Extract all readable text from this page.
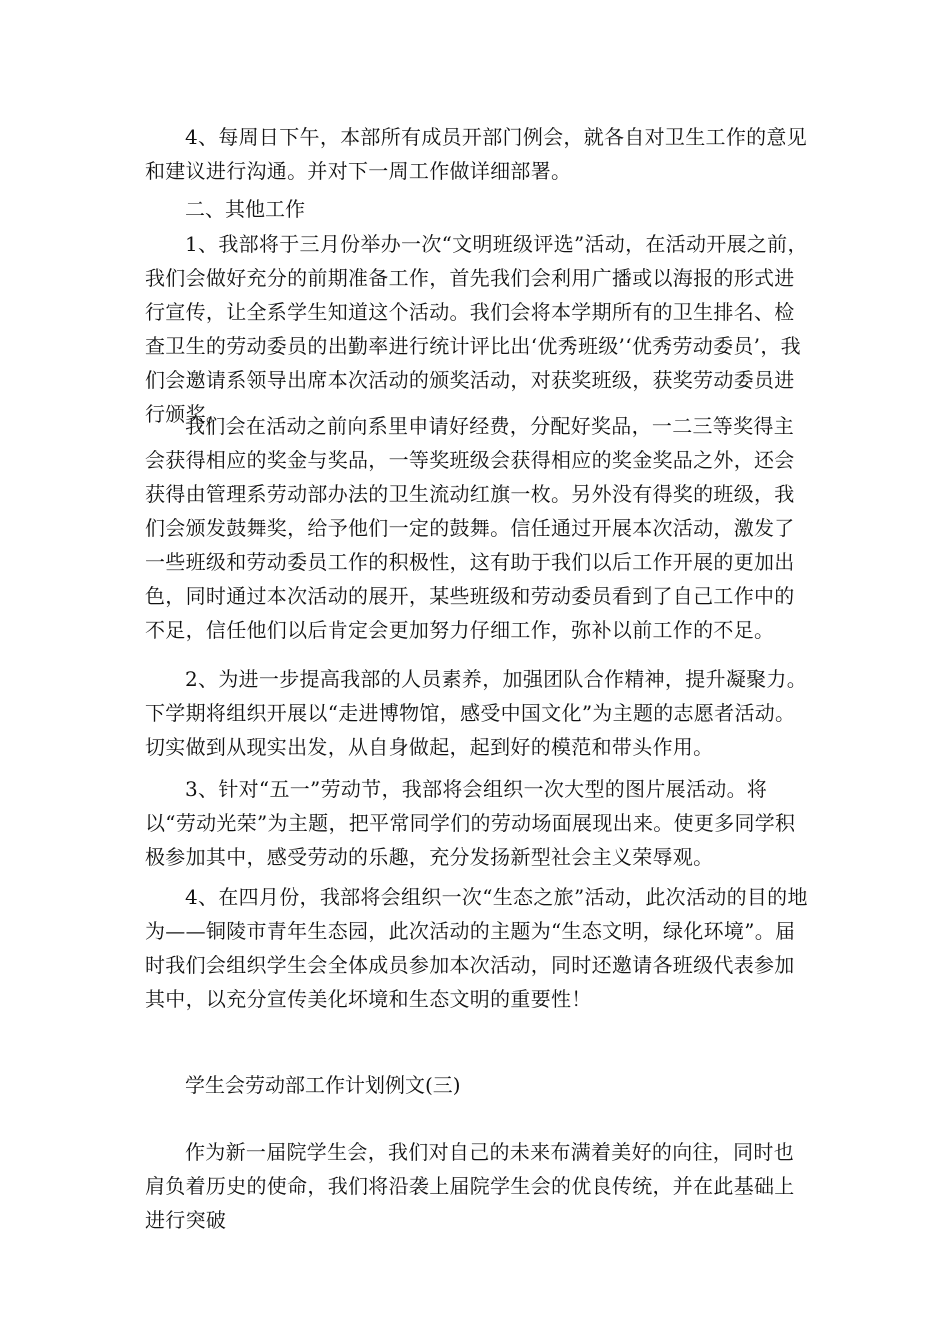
4、每周日下午，本部所有成员开部门例会，就各自对卫生工作的意见和建议进行沟通。并对下一周工作做详细部署。

二、其他工作

1、我部将于三月份举办一次“文明班级评选”活动，在活动开展之前，我们会做好充分的前期准备工作，首先我们会利用广播或以海报的形式进行宣传，让全系学生知道这个活动。我们会将本学期所有的卫生排名、检查卫生的劳动委员的出勤率进行统计评比出‘优秀班级’‘优秀劳动委员’，我们会邀请系领导出席本次活动的颁奖活动，对获奖班级，获奖劳动委员进行颁奖。

我们会在活动之前向系里申请好经费，分配好奖品，一二三等奖得主会获得相应的奖金与奖品，一等奖班级会获得相应的奖金奖品之外，还会获得由管理系劳动部办法的卫生流动红旗一枚。另外没有得奖的班级，我们会颁发鼓舞奖，给予他们一定的鼓舞。信任通过开展本次活动，激发了一些班级和劳动委员工作的积极性，这有助于我们以后工作开展的更加出色，同时通过本次活动的展开，某些班级和劳动委员看到了自己工作中的不足，信任他们以后肯定会更加努力仔细工作，弥补以前工作的不足。

2、为进一步提高我部的人员素养，加强团队合作精神，提升凝聚力。下学期将组织开展以“走进博物馆，感受中国文化”为主题的志愿者活动。切实做到从现实出发，从自身做起，起到好的模范和带头作用。

3、针对“五一”劳动节，我部将会组织一次大型的图片展活动。将以“劳动光荣”为主题，把平常同学们的劳动场面展现出来。使更多同学积极参加其中，感受劳动的乐趣，充分发扬新型社会主义荣辱观。

4、在四月份，我部将会组织一次“生态之旅”活动，此次活动的目的地为——铜陵市青年生态园，此次活动的主题为“生态文明，绿化环境”。届时我们会组织学生会全体成员参加本次活动，同时还邀请各班级代表参加其中，以充分宣传美化坏境和生态文明的重要性！

学生会劳动部工作计划例文(三)

作为新一届院学生会，我们对自己的未来布满着美好的向往，同时也肩负着历史的使命，我们将沿袭上届院学生会的优良传统，并在此基础上进行突破
